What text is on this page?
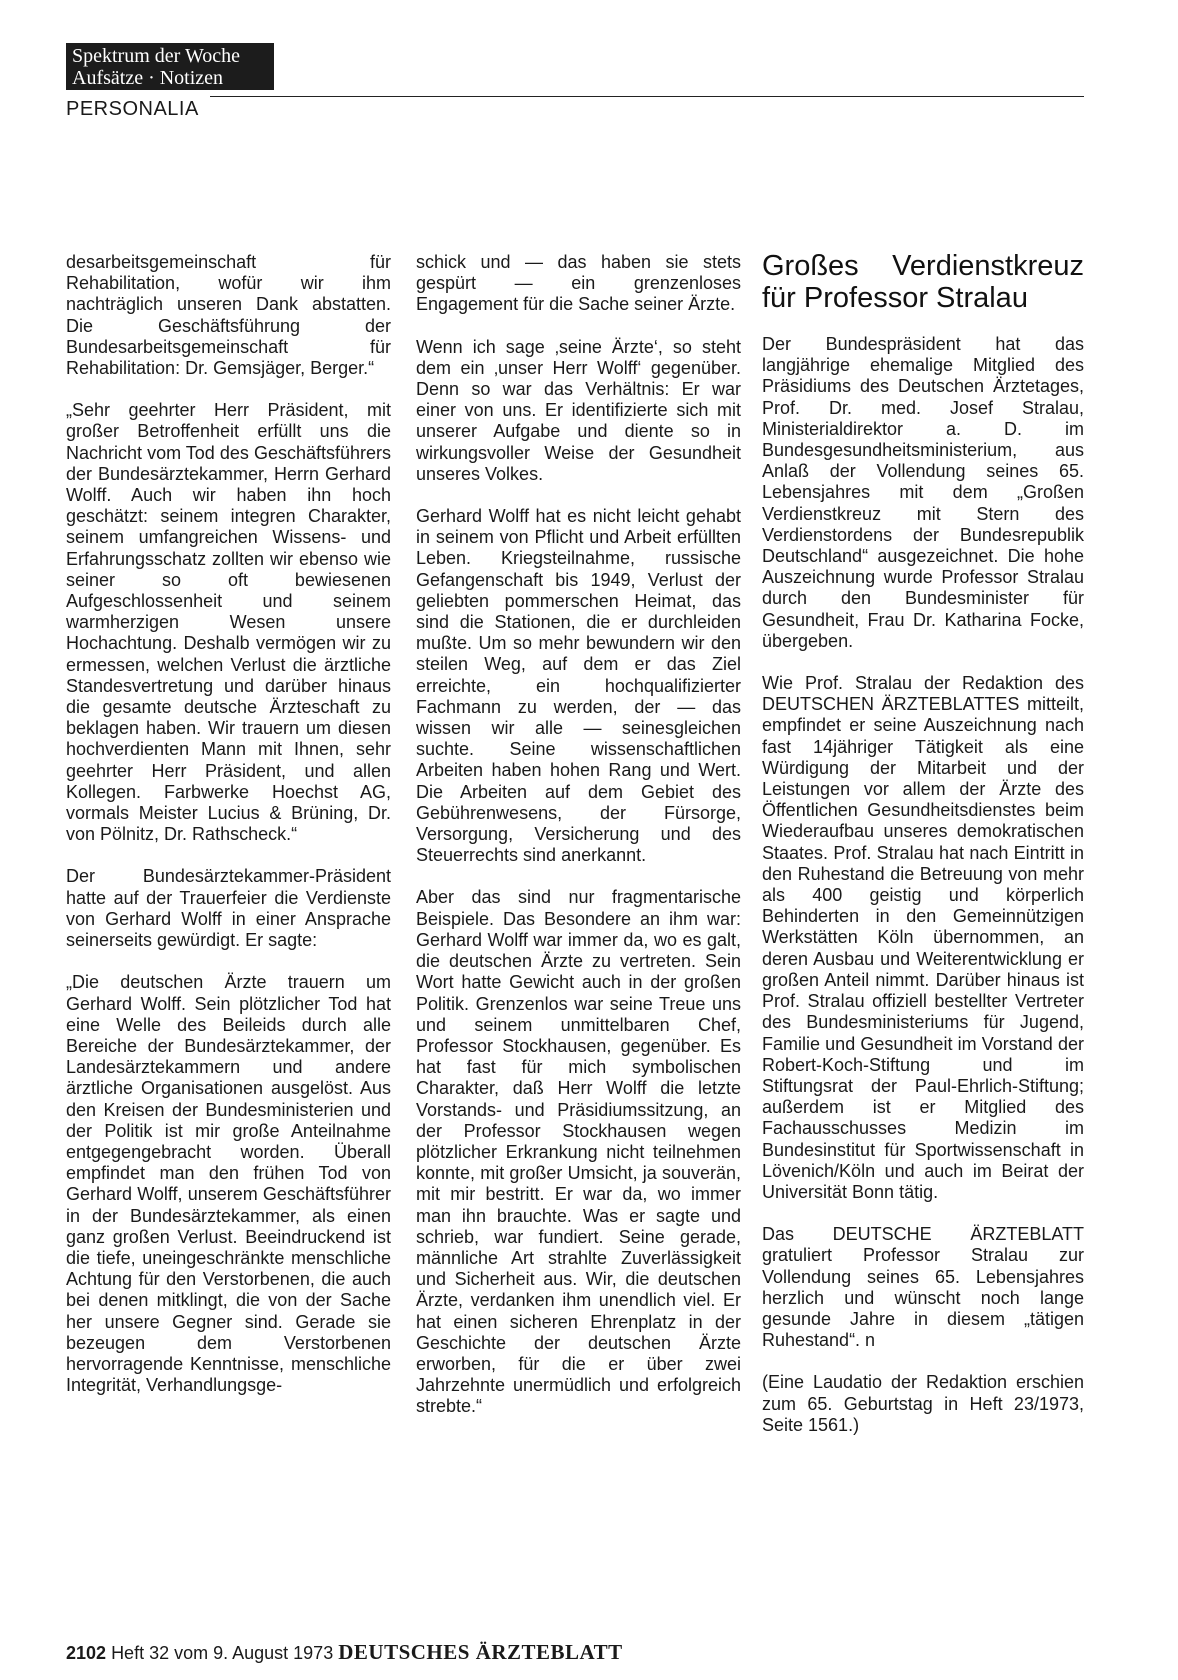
Spektrum der Woche
Aufsätze · Notizen
PERSONALIA

desarbeitsgemeinschaft für Rehabilitation, wofür wir ihm nachträglich unseren Dank abstatten. Die Geschäftsführung der Bundesarbeitsgemeinschaft für Rehabilitation: Dr. Gemsjäger, Berger.“

„Sehr geehrter Herr Präsident, mit großer Betroffenheit erfüllt uns die Nachricht vom Tod des Geschäftsführers der Bundesärztekammer, Herrn Gerhard Wolff. Auch wir haben ihn hoch geschätzt: seinem integren Charakter, seinem umfangreichen Wissens- und Erfahrungsschatz zollten wir ebenso wie seiner so oft bewiesenen Aufgeschlossenheit und seinem warmherzigen Wesen unsere Hochachtung. Deshalb vermögen wir zu ermessen, welchen Verlust die ärztliche Standesvertretung und darüber hinaus die gesamte deutsche Ärzteschaft zu beklagen haben. Wir trauern um diesen hochverdienten Mann mit Ihnen, sehr geehrter Herr Präsident, und allen Kollegen. Farbwerke Hoechst AG, vormals Meister Lucius & Brüning, Dr. von Pölnitz, Dr. Rathscheck.“

Der Bundesärztekammer-Präsident hatte auf der Trauerfeier die Verdienste von Gerhard Wolff in einer Ansprache seinerseits gewürdigt. Er sagte:

„Die deutschen Ärzte trauern um Gerhard Wolff. Sein plötzlicher Tod hat eine Welle des Beileids durch alle Bereiche der Bundesärztekammer, der Landesärztekammern und andere ärztliche Organisationen ausgelöst. Aus den Kreisen der Bundesministerien und der Politik ist mir große Anteilnahme entgegengebracht worden. Überall empfindet man den frühen Tod von Gerhard Wolff, unserem Geschäftsführer in der Bundesärztekammer, als einen ganz großen Verlust. Beeindruckend ist die tiefe, uneingeschränkte menschliche Achtung für den Verstorbenen, die auch bei denen mitklingt, die von der Sache her unsere Gegner sind. Gerade sie bezeugen dem Verstorbenen hervorragende Kenntnisse, menschliche Integrität, Verhandlungsge-

schick und — das haben sie stets gespürt — ein grenzenloses Engagement für die Sache seiner Ärzte.

Wenn ich sage ‚seine Ärzte‘, so steht dem ein ‚unser Herr Wolff‘ gegenüber. Denn so war das Verhältnis: Er war einer von uns. Er identifizierte sich mit unserer Aufgabe und diente so in wirkungsvoller Weise der Gesundheit unseres Volkes.

Gerhard Wolff hat es nicht leicht gehabt in seinem von Pflicht und Arbeit erfüllten Leben. Kriegsteilnahme, russische Gefangenschaft bis 1949, Verlust der geliebten pommerschen Heimat, das sind die Stationen, die er durchleiden mußte. Um so mehr bewundern wir den steilen Weg, auf dem er das Ziel erreichte, ein hochqualifizierter Fachmann zu werden, der — das wissen wir alle — seinesgleichen suchte. Seine wissenschaftlichen Arbeiten haben hohen Rang und Wert. Die Arbeiten auf dem Gebiet des Gebührenwesens, der Fürsorge, Versorgung, Versicherung und des Steuerrechts sind anerkannt.

Aber das sind nur fragmentarische Beispiele. Das Besondere an ihm war: Gerhard Wolff war immer da, wo es galt, die deutschen Ärzte zu vertreten. Sein Wort hatte Gewicht auch in der großen Politik. Grenzenlos war seine Treue uns und seinem unmittelbaren Chef, Professor Stockhausen, gegenüber. Es hat fast für mich symbolischen Charakter, daß Herr Wolff die letzte Vorstands- und Präsidiumssitzung, an der Professor Stockhausen wegen plötzlicher Erkrankung nicht teilnehmen konnte, mit großer Umsicht, ja souverän, mit mir bestritt. Er war da, wo immer man ihn brauchte. Was er sagte und schrieb, war fundiert. Seine gerade, männliche Art strahlte Zuverlässigkeit und Sicherheit aus. Wir, die deutschen Ärzte, verdanken ihm unendlich viel. Er hat einen sicheren Ehrenplatz in der Geschichte der deutschen Ärzte erworben, für die er über zwei Jahrzehnte unermüdlich und erfolgreich strebte.“

Großes Verdienstkreuz für Professor Stralau

Der Bundespräsident hat das langjährige ehemalige Mitglied des Präsidiums des Deutschen Ärztetages, Prof. Dr. med. Josef Stralau, Ministerialdirektor a. D. im Bundesgesundheitsministerium, aus Anlaß der Vollendung seines 65. Lebensjahres mit dem „Großen Verdienstkreuz mit Stern des Verdienstordens der Bundesrepublik Deutschland“ ausgezeichnet. Die hohe Auszeichnung wurde Professor Stralau durch den Bundesminister für Gesundheit, Frau Dr. Katharina Focke, übergeben.

Wie Prof. Stralau der Redaktion des DEUTSCHEN ÄRZTEBLATTES mitteilt, empfindet er seine Auszeichnung nach fast 14jähriger Tätigkeit als eine Würdigung der Mitarbeit und der Leistungen vor allem der Ärzte des Öffentlichen Gesundheitsdienstes beim Wiederaufbau unseres demokratischen Staates. Prof. Stralau hat nach Eintritt in den Ruhestand die Betreuung von mehr als 400 geistig und körperlich Behinderten in den Gemeinnützigen Werkstätten Köln übernommen, an deren Ausbau und Weiterentwicklung er großen Anteil nimmt. Darüber hinaus ist Prof. Stralau offiziell bestellter Vertreter des Bundesministeriums für Jugend, Familie und Gesundheit im Vorstand der Robert-Koch-Stiftung und im Stiftungsrat der Paul-Ehrlich-Stiftung; außerdem ist er Mitglied des Fachausschusses Medizin im Bundesinstitut für Sportwissenschaft in Lövenich/Köln und auch im Beirat der Universität Bonn tätig.

Das DEUTSCHE ÄRZTEBLATT gratuliert Professor Stralau zur Vollendung seines 65. Lebensjahres herzlich und wünscht noch lange gesunde Jahre in diesem „tätigen Ruhestand“. n

(Eine Laudatio der Redaktion erschien zum 65. Geburtstag in Heft 23/1973, Seite 1561.)

2102 Heft 32 vom 9. August 1973 DEUTSCHES ÄRZTEBLATT
